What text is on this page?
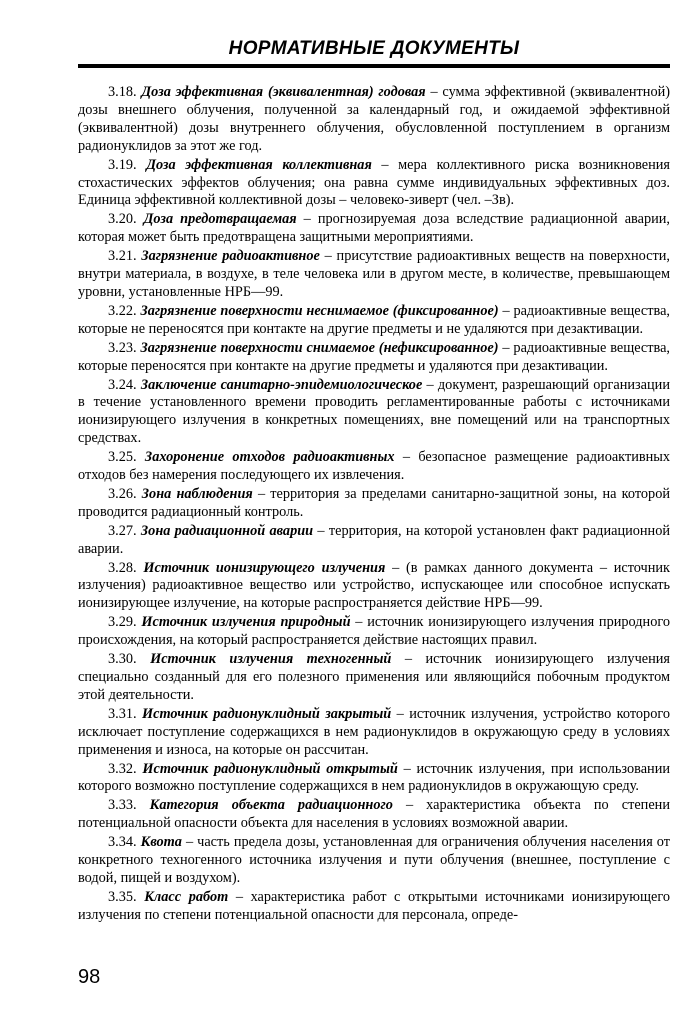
НОРМАТИВНЫЕ ДОКУМЕНТЫ

3.18. Доза эффективная (эквивалентная) годовая – сумма эффективной (эквивалентной) дозы внешнего облучения, полученной за календарный год, и ожидаемой эффективной (эквивалентной) дозы внутреннего облучения, обусловленной поступлением в организм радионуклидов за этот же год.

3.19. Доза эффективная коллективная – мера коллективного риска возникновения стохастических эффектов облучения; она равна сумме индивидуальных эффективных доз. Единица эффективной коллективной дозы – человеко-зиверт (чел. –Зв).

3.20. Доза предотвращаемая – прогнозируемая доза вследствие радиационной аварии, которая может быть предотвращена защитными мероприятиями.

3.21. Загрязнение радиоактивное – присутствие радиоактивных веществ на поверхности, внутри материала, в воздухе, в теле человека или в другом месте, в количестве, превышающем уровни, установленные НРБ—99.

3.22. Загрязнение поверхности неснимаемое (фиксированное) – радиоактивные вещества, которые не переносятся при контакте на другие предметы и не удаляются при дезактивации.

3.23. Загрязнение поверхности снимаемое (нефиксированное) – радиоактивные вещества, которые переносятся при контакте на другие предметы и удаляются при дезактивации.

3.24. Заключение санитарно-эпидемиологическое – документ, разрешающий организации в течение установленного времени проводить регламентированные работы с источниками ионизирующего излучения в конкретных помещениях, вне помещений или на транспортных средствах.

3.25. Захоронение отходов радиоактивных – безопасное размещение радиоактивных отходов без намерения последующего их извлечения.

3.26. Зона наблюдения – территория за пределами санитарно-защитной зоны, на которой проводится радиационный контроль.

3.27. Зона радиационной аварии – территория, на которой установлен факт радиационной аварии.

3.28. Источник ионизирующего излучения – (в рамках данного документа – источник излучения) радиоактивное вещество или устройство, испускающее или способное испускать ионизирующее излучение, на которые распространяется действие НРБ—99.

3.29. Источник излучения природный – источник ионизирующего излучения природного происхождения, на который распространяется действие настоящих правил.

3.30. Источник излучения техногенный – источник ионизирующего излучения специально созданный для его полезного применения или являющийся побочным продуктом этой деятельности.

3.31. Источник радионуклидный закрытый – источник излучения, устройство которого исключает поступление содержащихся в нем радионуклидов в окружающую среду в условиях применения и износа, на которые он рассчитан.

3.32. Источник радионуклидный открытый – источник излучения, при использовании которого возможно поступление содержащихся в нем радионуклидов в окружающую среду.

3.33. Категория объекта радиационного – характеристика объекта по степени потенциальной опасности объекта для населения в условиях возможной аварии.

3.34. Квота – часть предела дозы, установленная для ограничения облучения населения от конкретного техногенного источника излучения и пути облучения (внешнее, поступление с водой, пищей и воздухом).

3.35. Класс работ – характеристика работ с открытыми источниками ионизирующего излучения по степени потенциальной опасности для персонала, опреде-

98
